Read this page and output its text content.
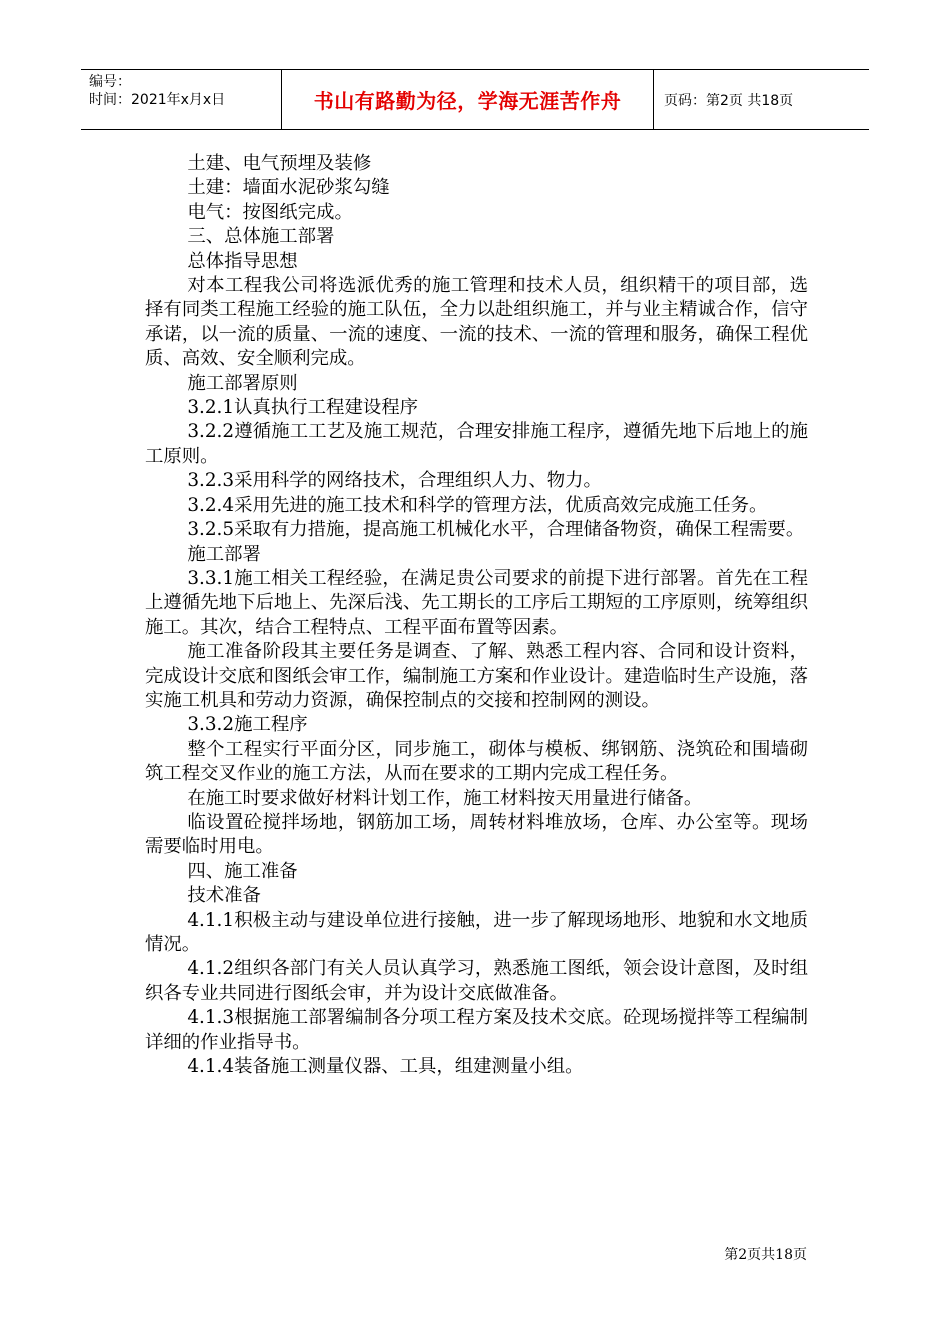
编号：
时间：2021年x月x日	书山有路勤为径，学海无涯苦作舟	页码：第2页 共18页

土建、电气预埋及装修

土建：墙面水泥砂浆勾缝

电气：按图纸完成。

三、总体施工部署

总体指导思想

对本工程我公司将选派优秀的施工管理和技术人员，组织精干的项目部，选择有同类工程施工经验的施工队伍，全力以赴组织施工，并与业主精诚合作，信守承诺，以一流的质量、一流的速度、一流的技术、一流的管理和服务，确保工程优质、高效、安全顺利完成。

施工部署原则

3.2.1认真执行工程建设程序

3.2.2遵循施工工艺及施工规范，合理安排施工程序，遵循先地下后地上的施工原则。

3.2.3采用科学的网络技术，合理组织人力、物力。

3.2.4采用先进的施工技术和科学的管理方法，优质高效完成施工任务。

3.2.5采取有力措施，提高施工机械化水平，合理储备物资，确保工程需要。

施工部署

3.3.1施工相关工程经验，在满足贵公司要求的前提下进行部署。首先在工程上遵循先地下后地上、先深后浅、先工期长的工序后工期短的工序原则，统筹组织施工。其次，结合工程特点、工程平面布置等因素。

施工准备阶段其主要任务是调查、了解、熟悉工程内容、合同和设计资料，完成设计交底和图纸会审工作，编制施工方案和作业设计。建造临时生产设施，落实施工机具和劳动力资源，确保控制点的交接和控制网的测设。

3.3.2施工程序

整个工程实行平面分区，同步施工，砌体与模板、绑钢筋、浇筑砼和围墙砌筑工程交叉作业的施工方法，从而在要求的工期内完成工程任务。

在施工时要求做好材料计划工作，施工材料按天用量进行储备。

临设置砼搅拌场地，钢筋加工场，周转材料堆放场，仓库、办公室等。现场需要临时用电。

四、施工准备

技术准备

4.1.1积极主动与建设单位进行接触，进一步了解现场地形、地貌和水文地质情况。

4.1.2组织各部门有关人员认真学习，熟悉施工图纸，领会设计意图，及时组织各专业共同进行图纸会审，并为设计交底做准备。

4.1.3根据施工部署编制各分项工程方案及技术交底。砼现场搅拌等工程编制详细的作业指导书。

4.1.4装备施工测量仪器、工具，组建测量小组。

第2页共18页
